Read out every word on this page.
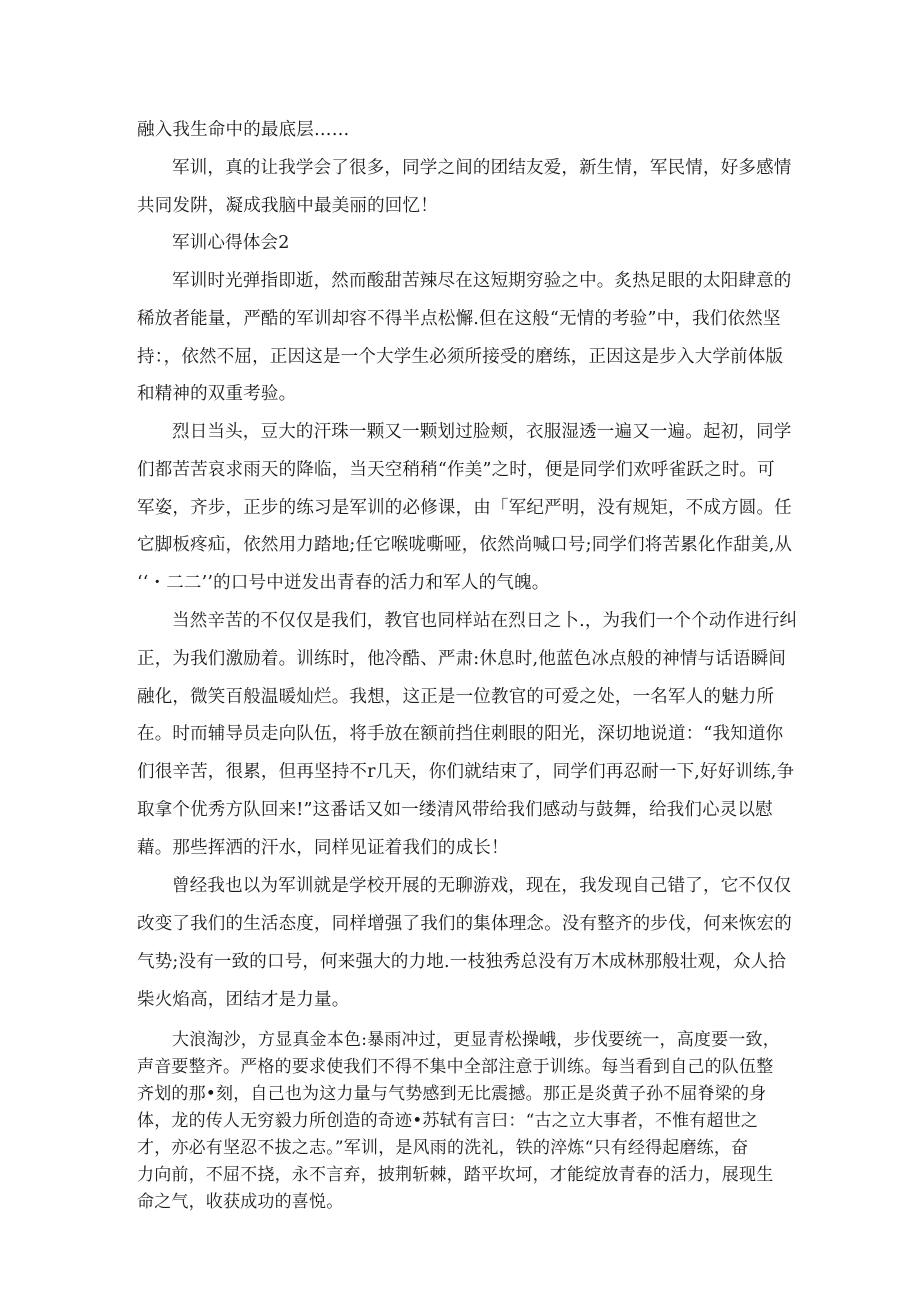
融入我生命中的最底层……
军训，真的让我学会了很多，同学之间的团结友爱，新生情，军民情，好多感情
共同发阱，凝成我脑中最美丽的回忆！
军训心得体会2
军训时光弹指即逝，然而酸甜苦辣尽在这短期穷验之中。炙热足眼的太阳肆意的
稀放者能量，严酷的军训却容不得半点松懈.但在这般“无情的考验”中，我们依然坚
持：，依然不屈，正因这是一个大学生必须所接受的磨练，正因这是步入大学前体版
和精神的双重考验。
烈日当头，豆大的汗珠一颗又一颗划过脸颊，衣服湿透一遍又一遍。起初，同学
们都苦苦哀求雨天的降临，当天空稍稍“作美”之时，便是同学们欢呼雀跃之时。可
军姿，齐步，正步的练习是军训的必修课，由「军纪严明，没有规矩，不成方圆。任
它脚板疼疝，依然用力踏地;任它喉咙嘶哑，依然尚喊口号;同学们将苦累化作甜美,从
‘‘・二二’’的口号中迸发出青春的活力和军人的气魄。
当然辛苦的不仅仅是我们，教官也同样站在烈日之卜.，为我们一个个动作进行纠
正，为我们激励着。训练时，他冷酷、严肃:休息时,他蓝色冰点般的神情与话语瞬间
融化，微笑百般温暖灿烂。我想，这正是一位教官的可爱之处，一名军人的魅力所
在。时而辅导员走向队伍，将手放在额前挡住刺眼的阳光，深切地说道：“我知道你
们很辛苦，很累，但再坚持不r几天，你们就结束了，同学们再忍耐一下,好好训练,争
取拿个优秀方队回来!”这番话又如一缕清风带给我们感动与鼓舞，给我们心灵以慰
藉。那些挥洒的汗水，同样见证着我们的成长！
曾经我也以为军训就是学校开展的无聊游戏，现在，我发现自己错了，它不仅仅
改变了我们的生活态度，同样增强了我们的集体理念。没有整齐的步伐，何来恢宏的
气势;没有一致的口号，何来强大的力地.一枝独秀总没有万木成林那般壮观，众人拾
柴火焰高，团结才是力量。
大浪淘沙，方显真金本色:暴雨冲过，更显青松操峨，步伐要统一，高度要一致，
声音要整齐。严格的要求使我们不得不集中全部注意于训练。每当看到自己的队伍整
齐划的那•刻，自己也为这力量与气势感到无比震撼。那正是炎黄子孙不屈脊梁的身
体，龙的传人无穷毅力所创造的奇迹•苏轼有言曰：“古之立大事者，不惟有超世之
才，亦必有坚忍不拔之志。”军训，是风雨的洗礼，铁的淬炼“只有经得起磨练，奋
力向前，不屈不挠，永不言弃，披荆斩棘，踏平坎坷，才能绽放青春的活力，展现生
命之气，收获成功的喜悦。
